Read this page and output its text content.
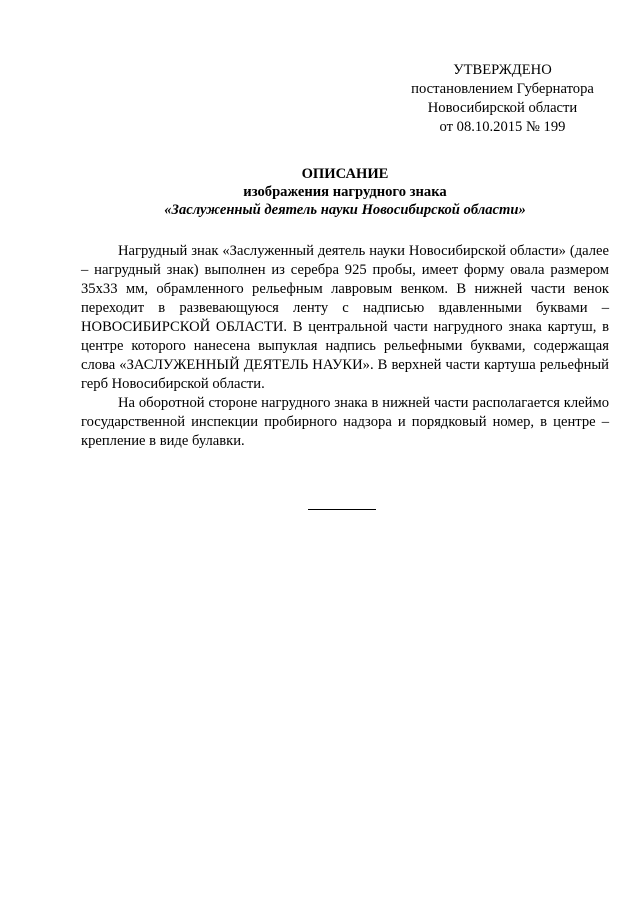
УТВЕРЖДЕНО
постановлением Губернатора
Новосибирской области
от 08.10.2015 № 199
ОПИСАНИЕ
изображения нагрудного знака
«Заслуженный деятель науки Новосибирской области»

Нагрудный знак «Заслуженный деятель науки Новосибирской области» (далее – нагрудный знак) выполнен из серебра 925 пробы, имеет форму овала размером 35х33 мм, обрамленного рельефным лавровым венком. В нижней части венок переходит в развевающуюся ленту с надписью вдавленными буквами – НОВОСИБИРСКОЙ ОБЛАСТИ. В центральной части нагрудного знака картуш, в центре которого нанесена выпуклая надпись рельефными буквами, содержащая слова «ЗАСЛУЖЕННЫЙ ДЕЯТЕЛЬ НАУКИ». В верхней части картуша рельефный герб Новосибирской области.

На оборотной стороне нагрудного знака в нижней части располагается клеймо государственной инспекции пробирного надзора и порядковый номер, в центре – крепление в виде булавки.
